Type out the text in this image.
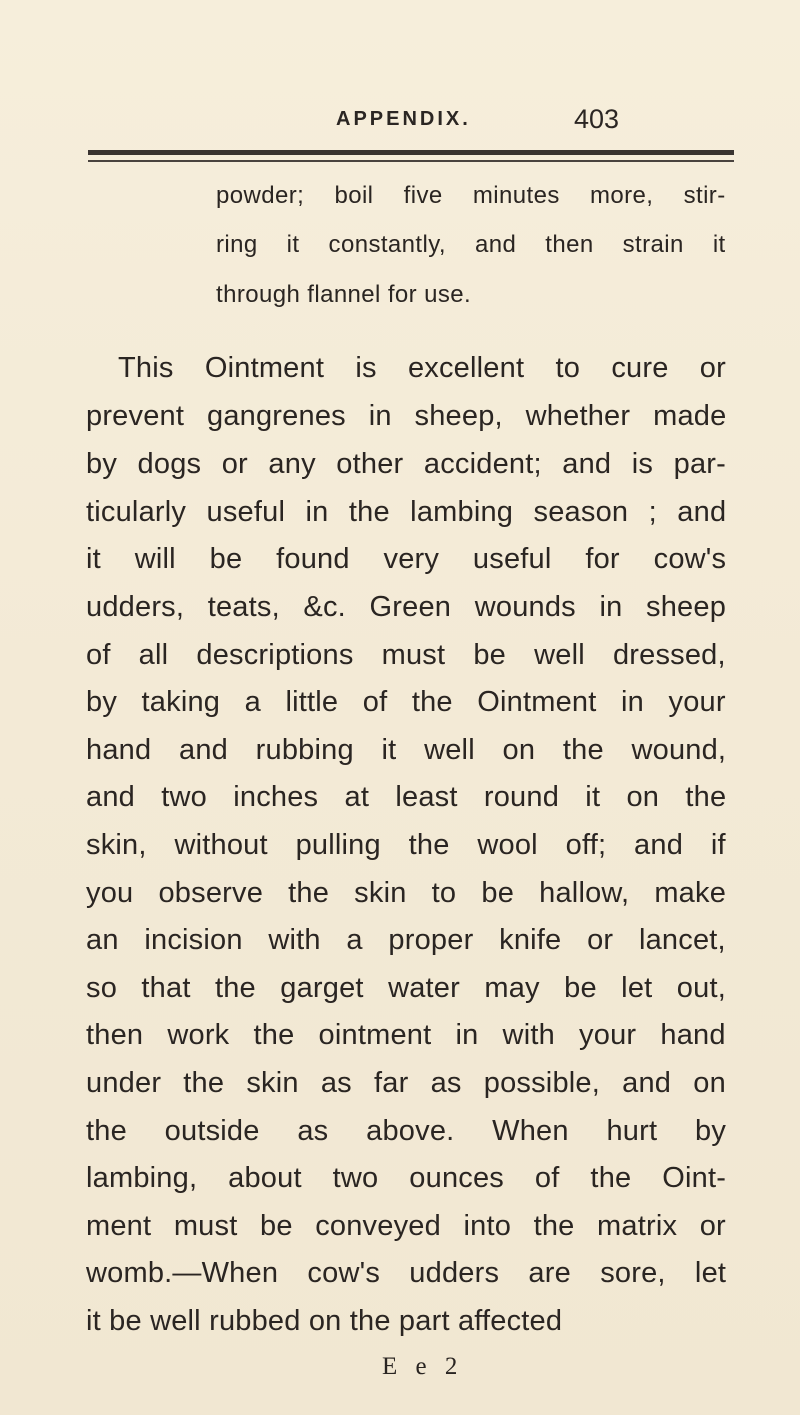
APPENDIX.	403

powder; boil five minutes more, stir-

ring it constantly, and then strain it

through flannel for use.

This Ointment is excellent to cure or

prevent gangrenes in sheep, whether made

by dogs or any other accident; and is par-

ticularly useful in the lambing season ; and

it will be found very useful for cow's

udders, teats, &c. Green wounds in sheep

of all descriptions must be well dressed,

by taking a little of the Ointment in your

hand and rubbing it well on the wound,

and two inches at least round it on the

skin, without pulling the wool off; and if

you observe the skin to be hallow, make

an incision with a proper knife or lancet,

so that the garget water may be let out,

then work the ointment in with your hand

under the skin as far as possible, and on

the outside as above. When hurt by

lambing, about two ounces of the Oint-

ment must be conveyed into the matrix or

womb.—When cow's udders are sore, let

it be well rubbed on the part affected

E e 2
